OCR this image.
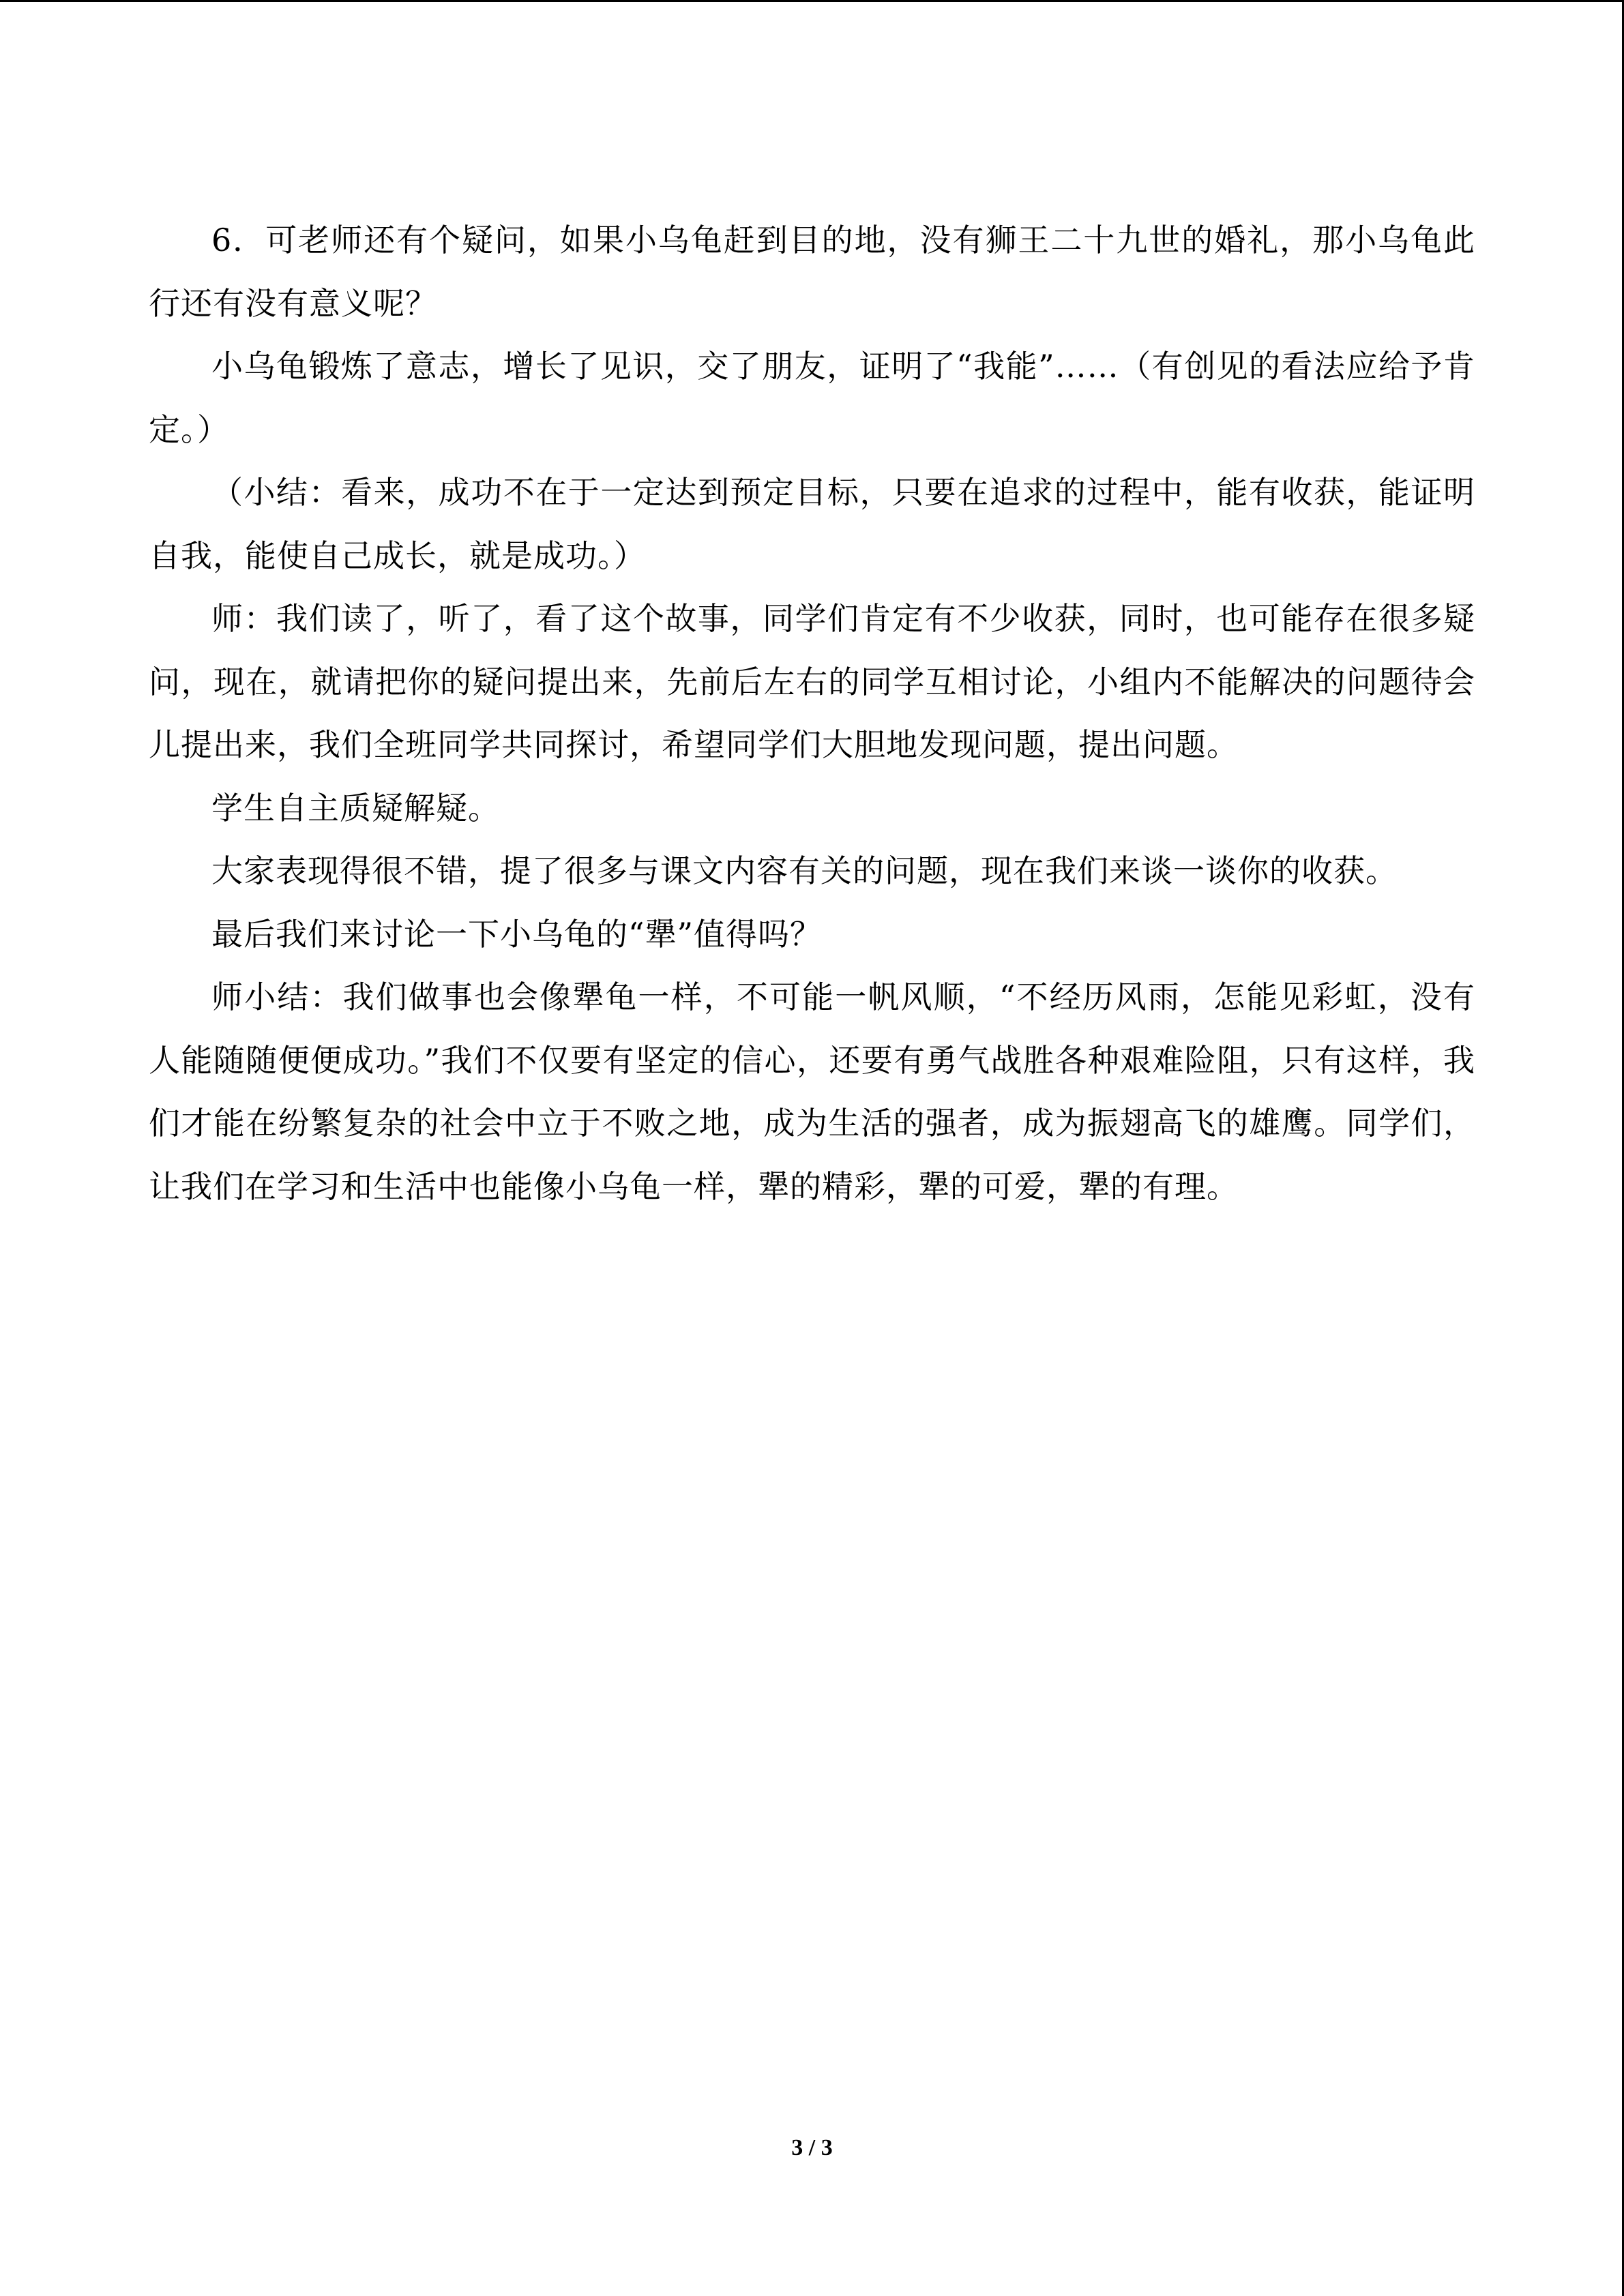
6．可老师还有个疑问，如果小乌龟赶到目的地，没有狮王二十九世的婚礼，那小乌龟此行还有没有意义呢？

小乌龟锻炼了意志，增长了见识，交了朋友，证明了“我能”……（有创见的看法应给予肯定。）

（小结：看来，成功不在于一定达到预定目标，只要在追求的过程中，能有收获，能证明自我，能使自己成长，就是成功。）

师：我们读了，听了，看了这个故事，同学们肯定有不少收获，同时，也可能存在很多疑问，现在，就请把你的疑问提出来，先前后左右的同学互相讨论，小组内不能解决的问题待会儿提出来，我们全班同学共同探讨，希望同学们大胆地发现问题，提出问题。

学生自主质疑解疑。

大家表现得很不错，提了很多与课文内容有关的问题，现在我们来谈一谈你的收获。

最后我们来讨论一下小乌龟的“犟”值得吗？

师小结：我们做事也会像犟龟一样，不可能一帆风顺，“不经历风雨，怎能见彩虹，没有人能随随便便成功。”我们不仅要有坚定的信心，还要有勇气战胜各种艰难险阻，只有这样，我们才能在纷繁复杂的社会中立于不败之地，成为生活的强者，成为振翅高飞的雄鹰。同学们，让我们在学习和生活中也能像小乌龟一样，犟的精彩，犟的可爱，犟的有理。

3 / 3
